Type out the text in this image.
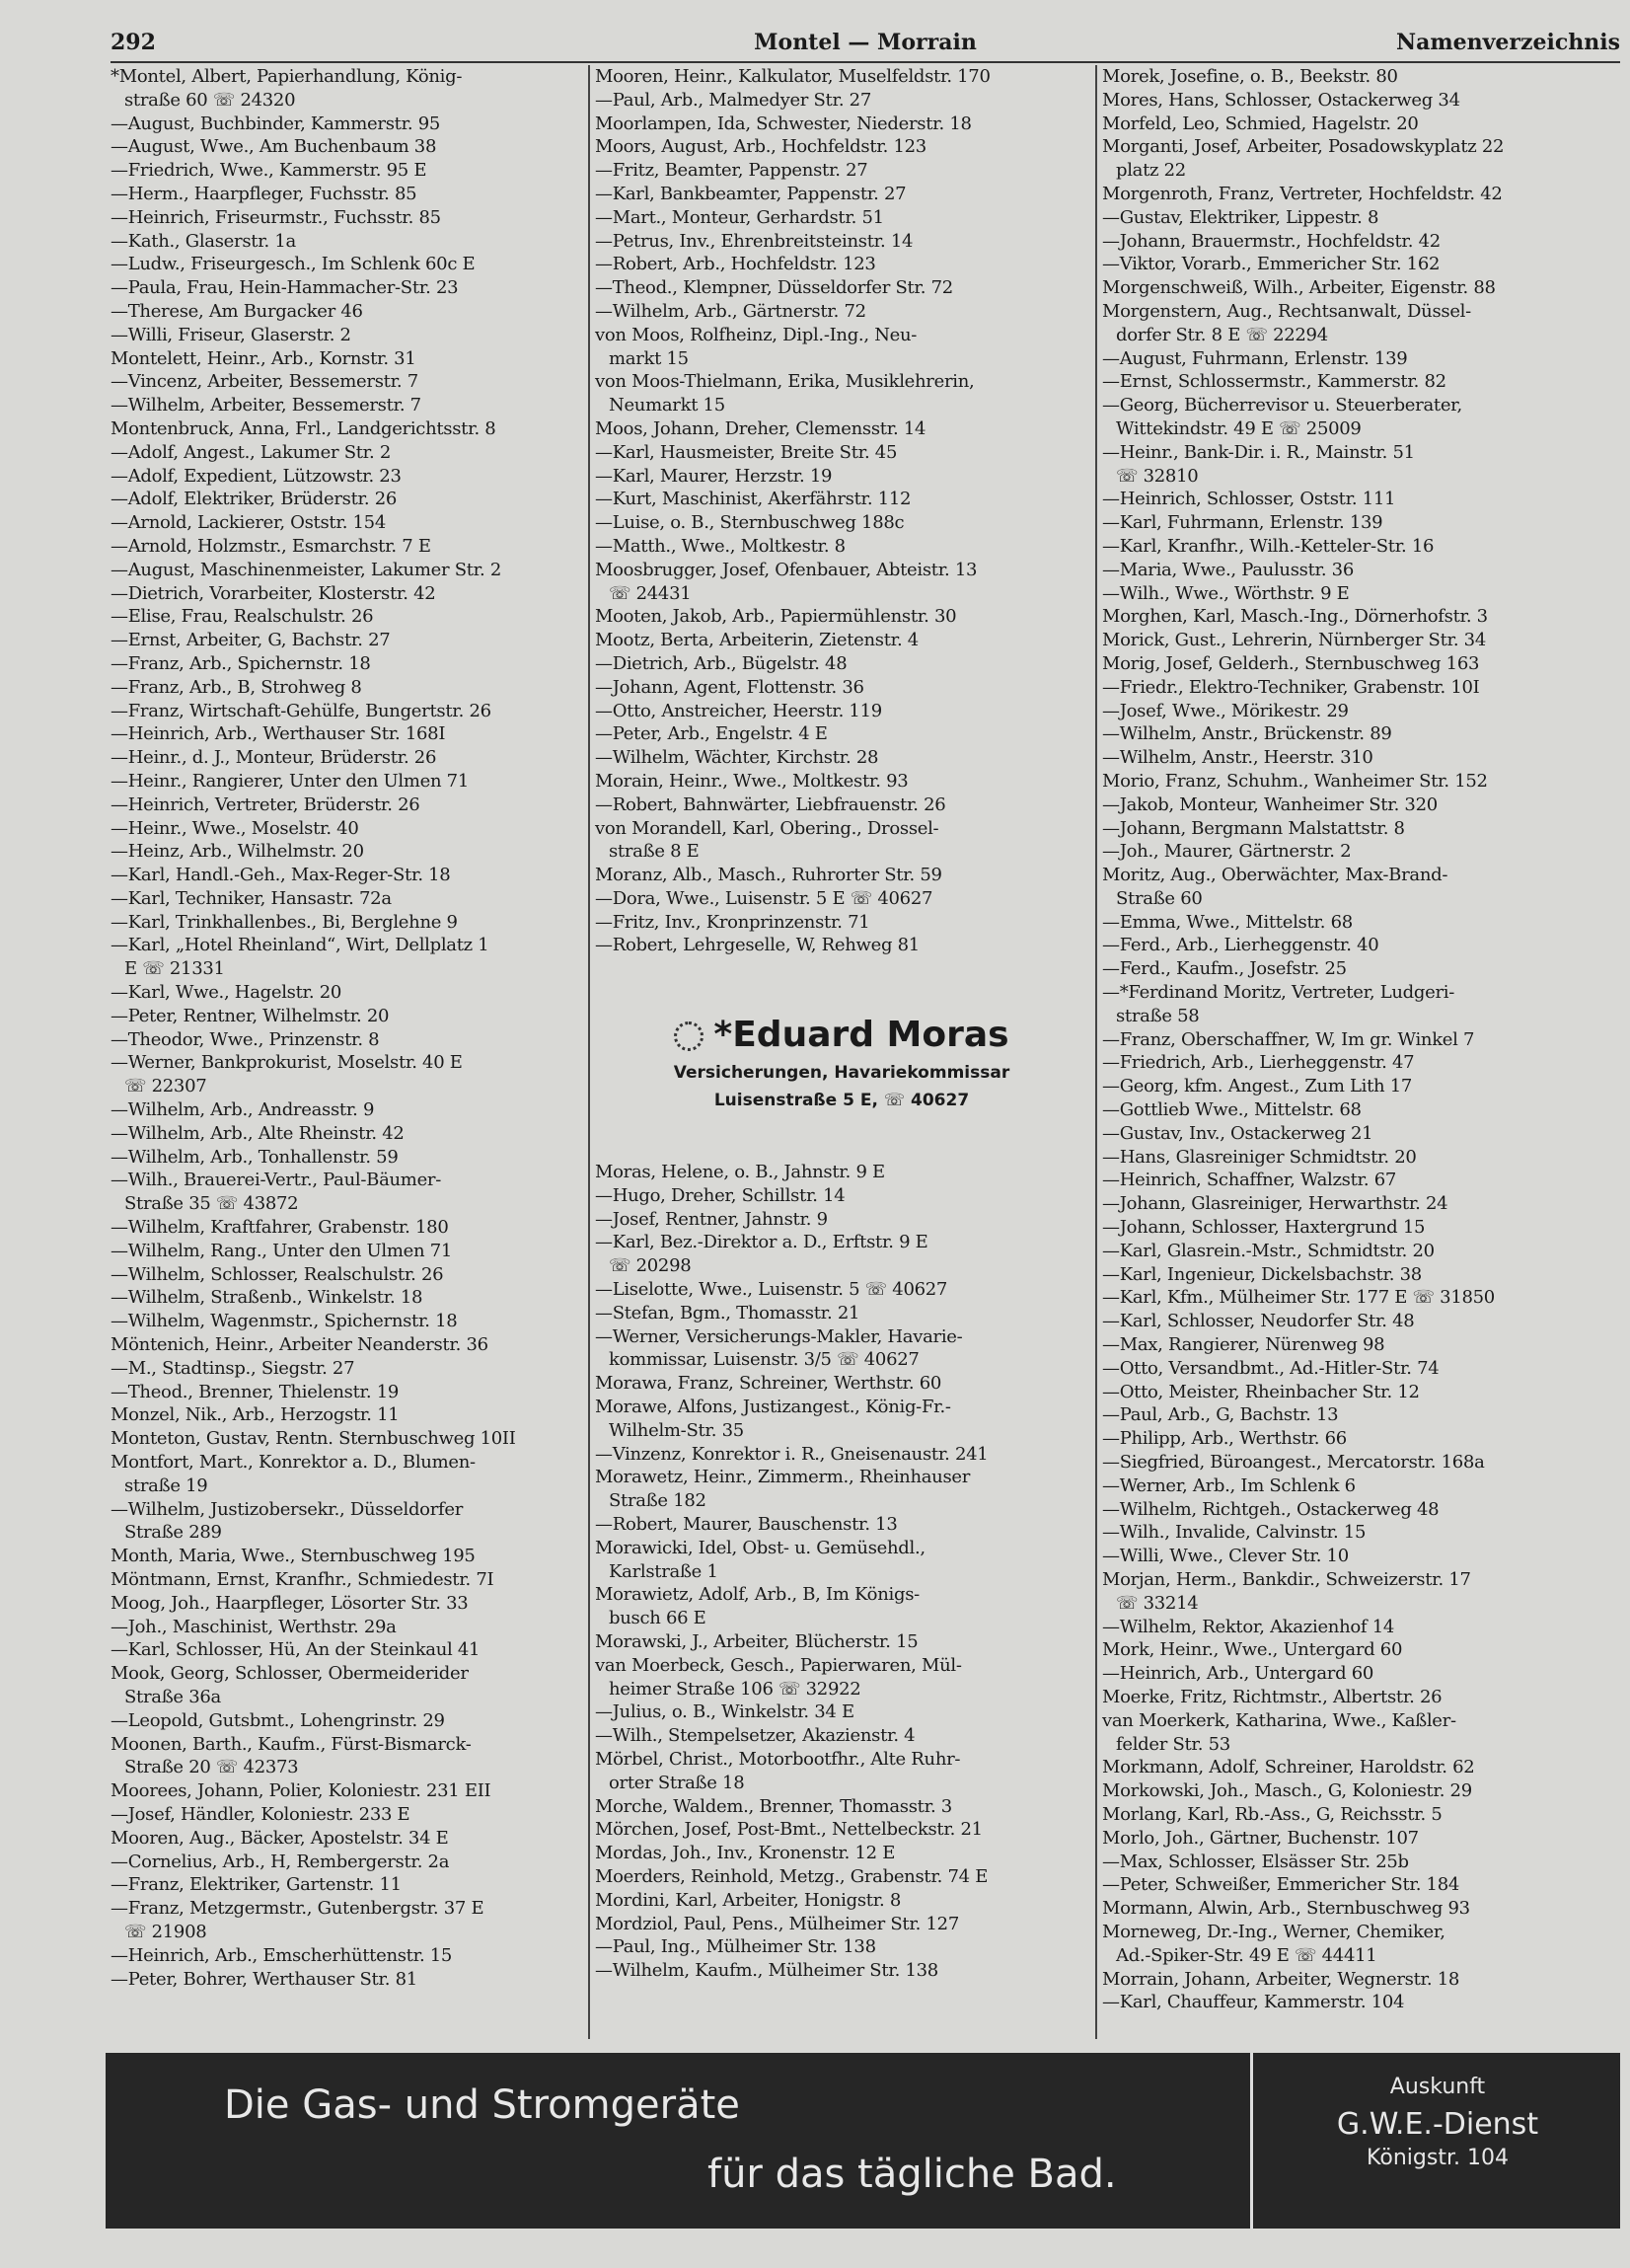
292	Montel — Morrain	Namenverzeichnis
*Montel, Albert, Papierhandlung, König-
straße 60 ☏ 24320
—August, Buchbinder, Kammerstr. 95
—August, Wwe., Am Buchenbaum 38
—Friedrich, Wwe., Kammerstr. 95 E
—Herm., Haarpfleger, Fuchsstr. 85
—Heinrich, Friseurmstr., Fuchsstr. 85
—Kath., Glaserstr. 1a
—Ludw., Friseurgesch., Im Schlenk 60c E
—Paula, Frau, Hein-Hammacher-Str. 23
—Therese, Am Burgacker 46
—Willi, Friseur, Glaserstr. 2
Montelett, Heinr., Arb., Kornstr. 31
—Vincenz, Arbeiter, Bessemerstr. 7
—Wilhelm, Arbeiter, Bessemerstr. 7
Montenbruck, Anna, Frl., Landgerichtsstr. 8
—Adolf, Angest., Lakumer Str. 2
—Adolf, Expedient, Lützowstr. 23
—Adolf, Elektriker, Brüderstr. 26
—Arnold, Lackierer, Oststr. 154
—Arnold, Holzmstr., Esmarchstr. 7 E
—August, Maschinenmeister, Lakumer Str. 2
—Dietrich, Vorarbeiter, Klosterstr. 42
—Elise, Frau, Realschulstr. 26
—Ernst, Arbeiter, G, Bachstr. 27
—Franz, Arb., Spichernstr. 18
—Franz, Arb., B, Strohweg 8
—Franz, Wirtschaft-Gehülfe, Bungertstr. 26
—Heinrich, Arb., Werthauser Str. 168I
—Heinr., d. J., Monteur, Brüderstr. 26
—Heinr., Rangierer, Unter den Ulmen 71
—Heinrich, Vertreter, Brüderstr. 26
—Heinr., Wwe., Moselstr. 40
—Heinz, Arb., Wilhelmstr. 20
—Karl, Handl.-Geh., Max-Reger-Str. 18
—Karl, Techniker, Hansastr. 72a
—Karl, Trinkhallenbes., Bi, Berglehne 9
—Karl, „Hotel Rheinland“, Wirt, Dellplatz 1
E ☏ 21331
—Karl, Wwe., Hagelstr. 20
—Peter, Rentner, Wilhelmstr. 20
—Theodor, Wwe., Prinzenstr. 8
—Werner, Bankprokurist, Moselstr. 40 E
☏ 22307
—Wilhelm, Arb., Andreasstr. 9
—Wilhelm, Arb., Alte Rheinstr. 42
—Wilhelm, Arb., Tonhallenstr. 59
—Wilh., Brauerei-Vertr., Paul-Bäumer-
Straße 35 ☏ 43872
—Wilhelm, Kraftfahrer, Grabenstr. 180
—Wilhelm, Rang., Unter den Ulmen 71
—Wilhelm, Schlosser, Realschulstr. 26
—Wilhelm, Straßenb., Winkelstr. 18
—Wilhelm, Wagenmstr., Spichernstr. 18
Möntenich, Heinr., Arbeiter Neanderstr. 36
—M., Stadtinsp., Siegstr. 27
—Theod., Brenner, Thielenstr. 19
Monzel, Nik., Arb., Herzogstr. 11
Monteton, Gustav, Rentn. Sternbuschweg 10II
Montfort, Mart., Konrektor a. D., Blumen-
straße 19
—Wilhelm, Justizobersekr., Düsseldorfer
Straße 289
Month, Maria, Wwe., Sternbuschweg 195
Möntmann, Ernst, Kranfhr., Schmiedestr. 7I
Moog, Joh., Haarpfleger, Lösorter Str. 33
—Joh., Maschinist, Werthstr. 29a
—Karl, Schlosser, Hü, An der Steinkaul 41
Mook, Georg, Schlosser, Obermeiderider
Straße 36a
—Leopold, Gutsbmt., Lohengrinstr. 29
Moonen, Barth., Kaufm., Fürst-Bismarck-
Straße 20 ☏ 42373
Moorees, Johann, Polier, Koloniestr. 231 EII
—Josef, Händler, Koloniestr. 233 E
Mooren, Aug., Bäcker, Apostelstr. 34 E
—Cornelius, Arb., H, Rembergerstr. 2a
—Franz, Elektriker, Gartenstr. 11
—Franz, Metzgermstr., Gutenbergstr. 37 E
☏ 21908
—Heinrich, Arb., Emscherhüttenstr. 15
—Peter, Bohrer, Werthauser Str. 81
Mooren, Heinr., Kalkulator, Muselfeldstr. 170
—Paul, Arb., Malmedyer Str. 27
Moorlampen, Ida, Schwester, Niederstr. 18
Moors, August, Arb., Hochfeldstr. 123
—Fritz, Beamter, Pappenstr. 27
—Karl, Bankbeamter, Pappenstr. 27
—Mart., Monteur, Gerhardstr. 51
—Petrus, Inv., Ehrenbreitsteinstr. 14
—Robert, Arb., Hochfeldstr. 123
—Theod., Klempner, Düsseldorfer Str. 72
—Wilhelm, Arb., Gärtnerstr. 72
von Moos, Rolfheinz, Dipl.-Ing., Neu-
markt 15
von Moos-Thielmann, Erika, Musiklehrerin,
Neumarkt 15
Moos, Johann, Dreher, Clemensstr. 14
—Karl, Hausmeister, Breite Str. 45
—Karl, Maurer, Herzstr. 19
—Kurt, Maschinist, Akerfährstr. 112
—Luise, o. B., Sternbuschweg 188c
—Matth., Wwe., Moltkestr. 8
Moosbrugger, Josef, Ofenbauer, Abteistr. 13
☏ 24431
Mooten, Jakob, Arb., Papiermühlenstr. 30
Mootz, Berta, Arbeiterin, Zietenstr. 4
—Dietrich, Arb., Bügelstr. 48
—Johann, Agent, Flottenstr. 36
—Otto, Anstreicher, Heerstr. 119
—Peter, Arb., Engelstr. 4 E
—Wilhelm, Wächter, Kirchstr. 28
Morain, Heinr., Wwe., Moltkestr. 93
—Robert, Bahnwärter, Liebfrauenstr. 26
von Morandell, Karl, Obering., Drossel-
straße 8 E
Moranz, Alb., Masch., Ruhrorter Str. 59
—Dora, Wwe., Luisenstr. 5 E ☏ 40627
—Fritz, Inv., Kronprinzenstr. 71
—Robert, Lehrgeselle, W, Rehweg 81
*Eduard Moras
Versicherungen, Havariekommissar
Luisenstraße 5 E, ☏ 40627
Moras, Helene, o. B., Jahnstr. 9 E
—Hugo, Dreher, Schillstr. 14
—Josef, Rentner, Jahnstr. 9
—Karl, Bez.-Direktor a. D., Erftstr. 9 E
☏ 20298
—Liselotte, Wwe., Luisenstr. 5 ☏ 40627
—Stefan, Bgm., Thomasstr. 21
—Werner, Versicherungs-Makler, Havarie-
kommissar, Luisenstr. 3/5 ☏ 40627
Morawa, Franz, Schreiner, Werthstr. 60
Morawe, Alfons, Justizangest., König-Fr.-
Wilhelm-Str. 35
—Vinzenz, Konrektor i. R., Gneisenaustr. 241
Morawetz, Heinr., Zimmerm., Rheinhauser
Straße 182
—Robert, Maurer, Bauschenstr. 13
Morawicki, Idel, Obst- u. Gemüsehdl.,
Karlstraße 1
Morawietz, Adolf, Arb., B, Im Königs-
busch 66 E
Morawski, J., Arbeiter, Blücherstr. 15
van Moerbeck, Gesch., Papierwaren, Mül-
heimer Straße 106 ☏ 32922
—Julius, o. B., Winkelstr. 34 E
—Wilh., Stempelsetzer, Akazienstr. 4
Mörbel, Christ., Motorbootfhr., Alte Ruhr-
orter Straße 18
Morche, Waldem., Brenner, Thomasstr. 3
Mörchen, Josef, Post-Bmt., Nettelbeckstr. 21
Mordas, Joh., Inv., Kronenstr. 12 E
Moerders, Reinhold, Metzg., Grabenstr. 74 E
Mordini, Karl, Arbeiter, Honigstr. 8
Mordziol, Paul, Pens., Mülheimer Str. 127
—Paul, Ing., Mülheimer Str. 138
—Wilhelm, Kaufm., Mülheimer Str. 138
Morek, Josefine, o. B., Beekstr. 80
Mores, Hans, Schlosser, Ostackerweg 34
Morfeld, Leo, Schmied, Hagelstr. 20
Morganti, Josef, Arbeiter, Posadowskyplatz 22
platz 22
Morgenroth, Franz, Vertreter, Hochfeldstr. 42
—Gustav, Elektriker, Lippestr. 8
—Johann, Brauermstr., Hochfeldstr. 42
—Viktor, Vorarb., Emmericher Str. 162
Morgenschweiß, Wilh., Arbeiter, Eigenstr. 88
Morgenstern, Aug., Rechtsanwalt, Düssel-
dorfer Str. 8 E ☏ 22294
—August, Fuhrmann, Erlenstr. 139
—Ernst, Schlossermstr., Kammerstr. 82
—Georg, Bücherrevisor u. Steuerberater,
Wittekindstr. 49 E ☏ 25009
—Heinr., Bank-Dir. i. R., Mainstr. 51
☏ 32810
—Heinrich, Schlosser, Oststr. 111
—Karl, Fuhrmann, Erlenstr. 139
—Karl, Kranfhr., Wilh.-Ketteler-Str. 16
—Maria, Wwe., Paulusstr. 36
—Wilh., Wwe., Wörthstr. 9 E
Morghen, Karl, Masch.-Ing., Dörnerhofstr. 3
Morick, Gust., Lehrerin, Nürnberger Str. 34
Morig, Josef, Gelderh., Sternbuschweg 163
—Friedr., Elektro-Techniker, Grabenstr. 10I
—Josef, Wwe., Mörikestr. 29
—Wilhelm, Anstr., Brückenstr. 89
—Wilhelm, Anstr., Heerstr. 310
Morio, Franz, Schuhm., Wanheimer Str. 152
—Jakob, Monteur, Wanheimer Str. 320
—Johann, Bergmann Malstattstr. 8
—Joh., Maurer, Gärtnerstr. 2
Moritz, Aug., Oberwächter, Max-Brand-
Straße 60
—Emma, Wwe., Mittelstr. 68
—Ferd., Arb., Lierheggenstr. 40
—Ferd., Kaufm., Josefstr. 25
—*Ferdinand Moritz, Vertreter, Ludgeri-
straße 58
—Franz, Oberschaffner, W, Im gr. Winkel 7
—Friedrich, Arb., Lierheggenstr. 47
—Georg, kfm. Angest., Zum Lith 17
—Gottlieb Wwe., Mittelstr. 68
—Gustav, Inv., Ostackerweg 21
—Hans, Glasreiniger Schmidtstr. 20
—Heinrich, Schaffner, Walzstr. 67
—Johann, Glasreiniger, Herwarthstr. 24
—Johann, Schlosser, Haxtergrund 15
—Karl, Glasrein.-Mstr., Schmidtstr. 20
—Karl, Ingenieur, Dickelsbachstr. 38
—Karl, Kfm., Mülheimer Str. 177 E ☏ 31850
—Karl, Schlosser, Neudorfer Str. 48
—Max, Rangierer, Nürenweg 98
—Otto, Versandbmt., Ad.-Hitler-Str. 74
—Otto, Meister, Rheinbacher Str. 12
—Paul, Arb., G, Bachstr. 13
—Philipp, Arb., Werthstr. 66
—Siegfried, Büroangest., Mercatorstr. 168a
—Werner, Arb., Im Schlenk 6
—Wilhelm, Richtgeh., Ostackerweg 48
—Wilh., Invalide, Calvinstr. 15
—Willi, Wwe., Clever Str. 10
Morjan, Herm., Bankdir., Schweizerstr. 17
☏ 33214
—Wilhelm, Rektor, Akazienhof 14
Mork, Heinr., Wwe., Untergard 60
—Heinrich, Arb., Untergard 60
Moerke, Fritz, Richtmstr., Albertstr. 26
van Moerkerk, Katharina, Wwe., Kaßler-
felder Str. 53
Morkmann, Adolf, Schreiner, Haroldstr. 62
Morkowski, Joh., Masch., G, Koloniestr. 29
Morlang, Karl, Rb.-Ass., G, Reichsstr. 5
Morlo, Joh., Gärtner, Buchenstr. 107
—Max, Schlosser, Elsässer Str. 25b
—Peter, Schweißer, Emmericher Str. 184
Mormann, Alwin, Arb., Sternbuschweg 93
Morneweg, Dr.-Ing., Werner, Chemiker,
Ad.-Spiker-Str. 49 E ☏ 44411
Morrain, Johann, Arbeiter, Wegnerstr. 18
—Karl, Chauffeur, Kammerstr. 104
Die Gas- und Stromgeräte
für das tägliche Bad.
Auskunft
G.W.E.-Dienst
Königstr. 104
